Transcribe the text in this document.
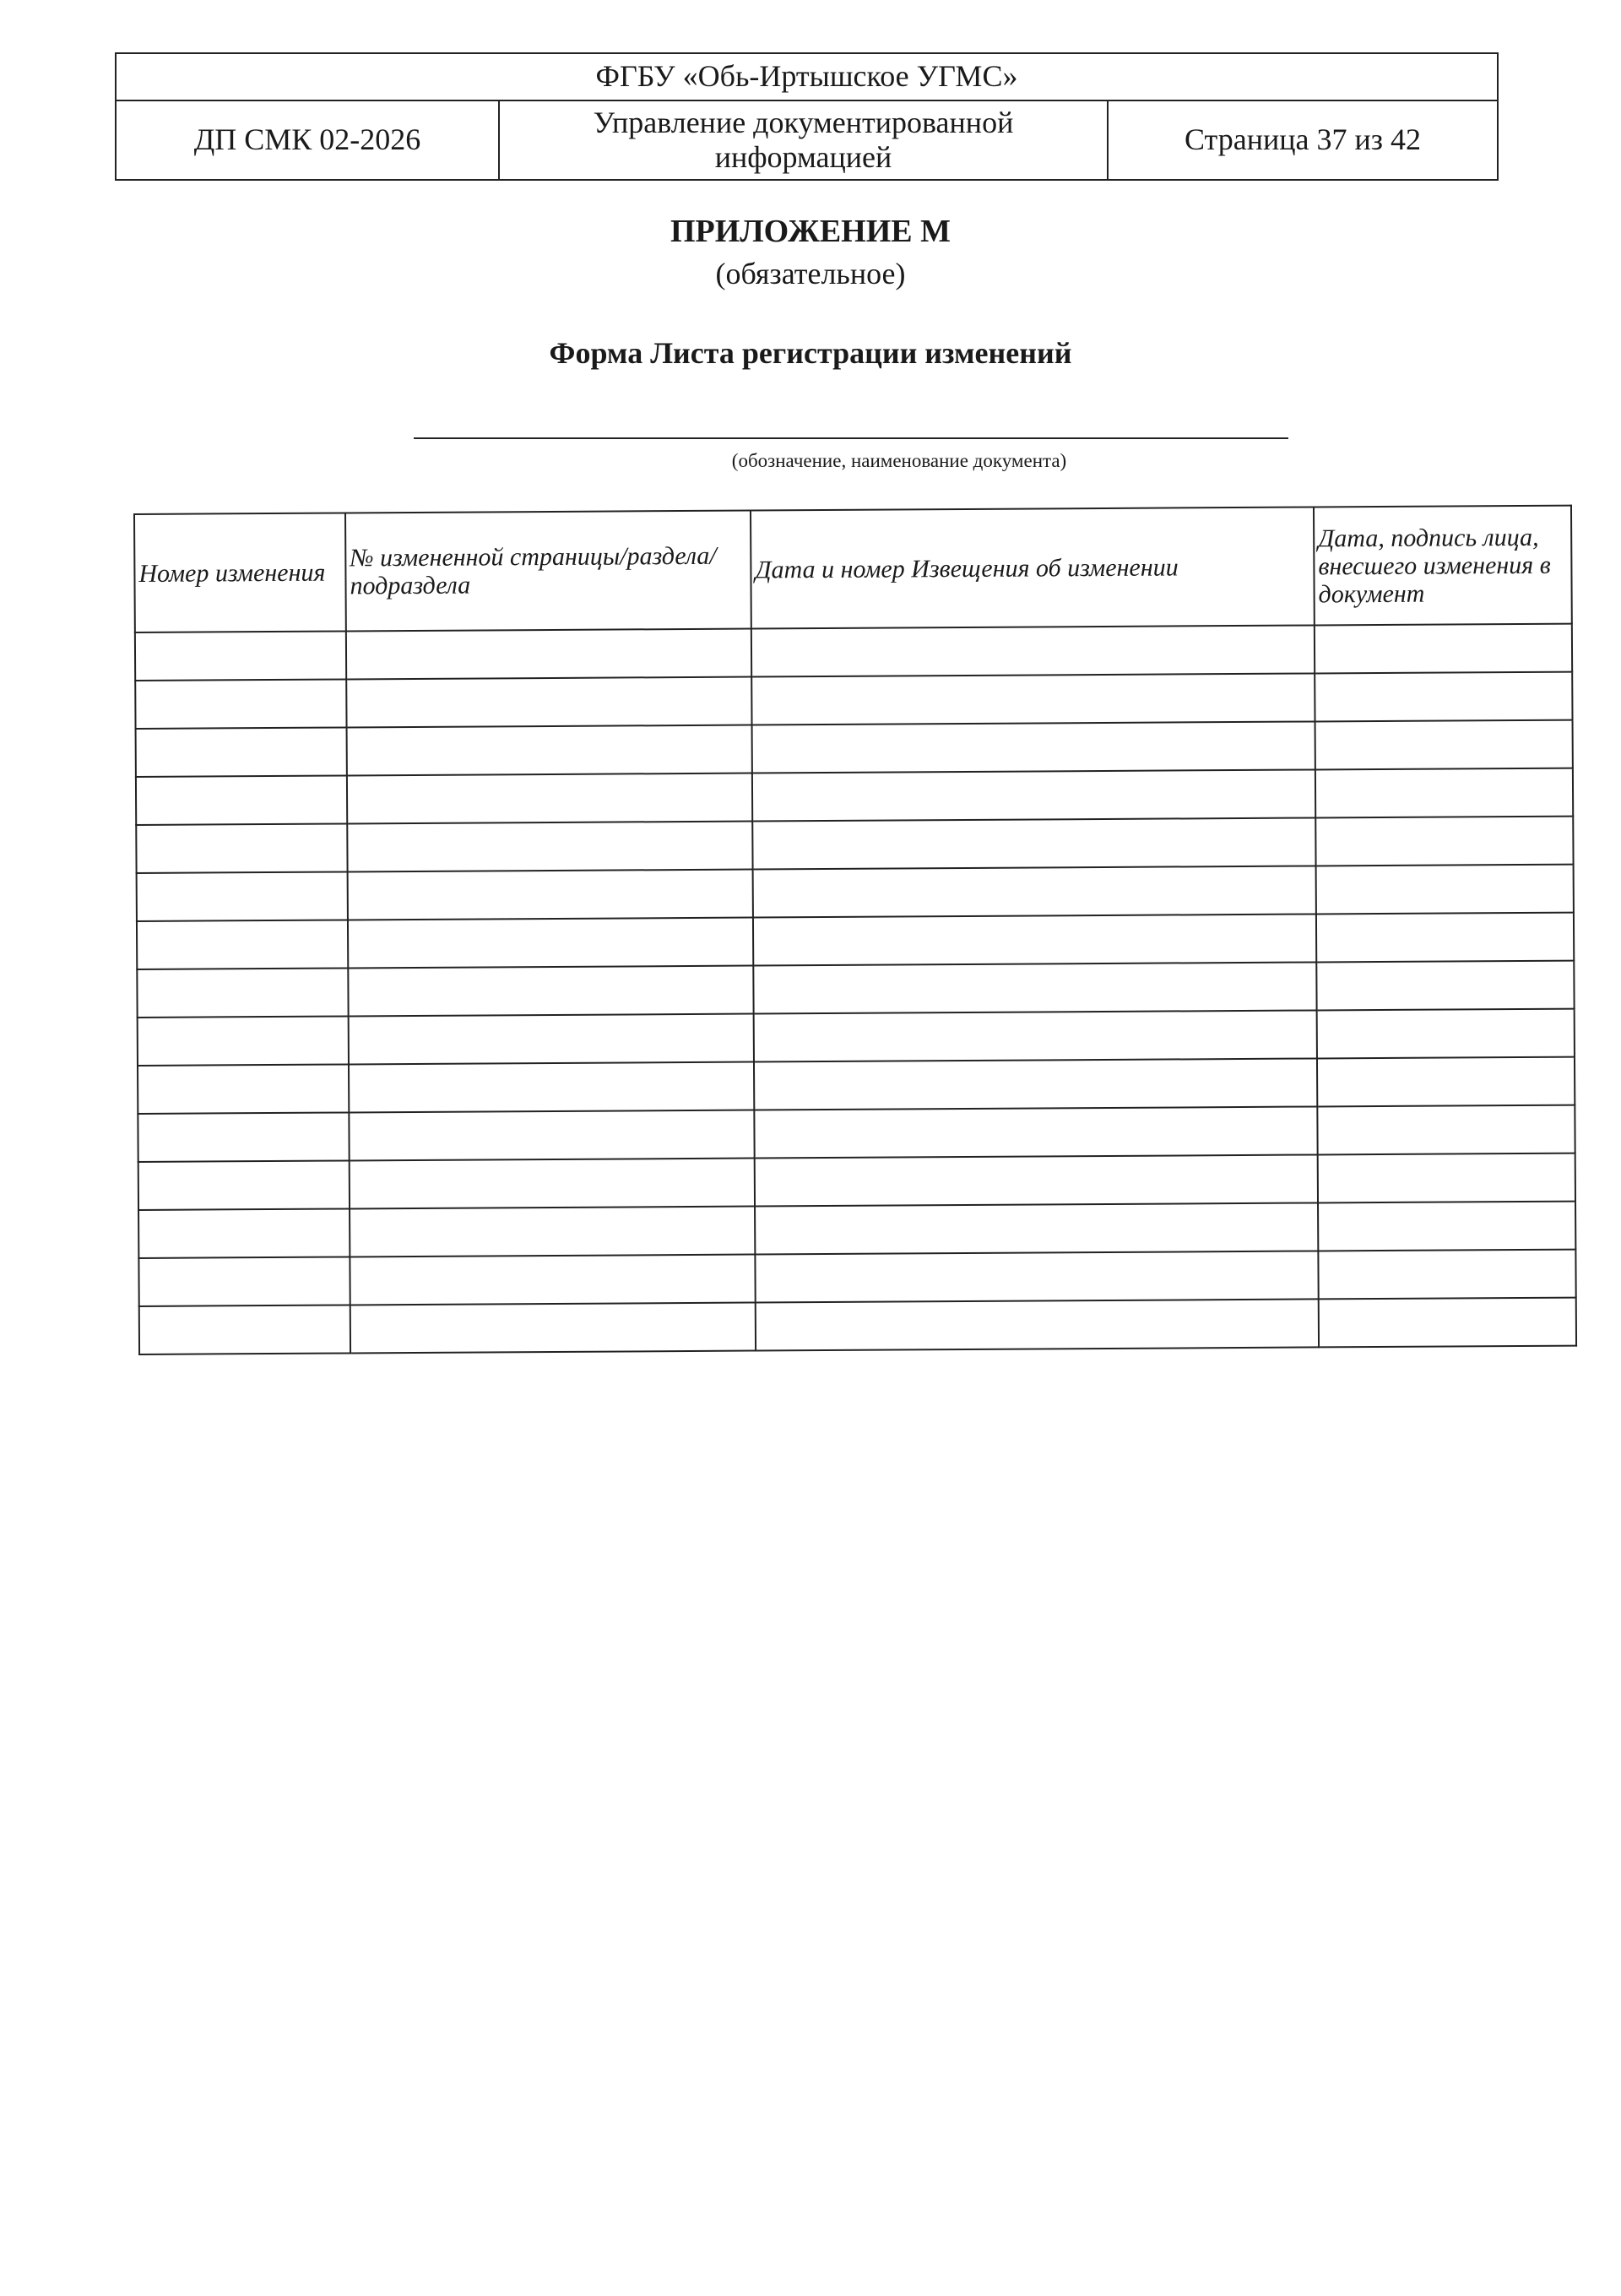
ФГБУ «Обь-Иртышское УГМС»
ДП СМК 02-2026	Управление документированной информацией	Страница 37 из 42
ПРИЛОЖЕНИЕ М
(обязательное)
Форма Листа регистрации изменений
(обозначение, наименование документа)
Номер изменения	№ измененной страницы/раздела/подраздела	Дата и номер Извещения об изменении	Дата, подпись лица, внесшего изменения в документ
